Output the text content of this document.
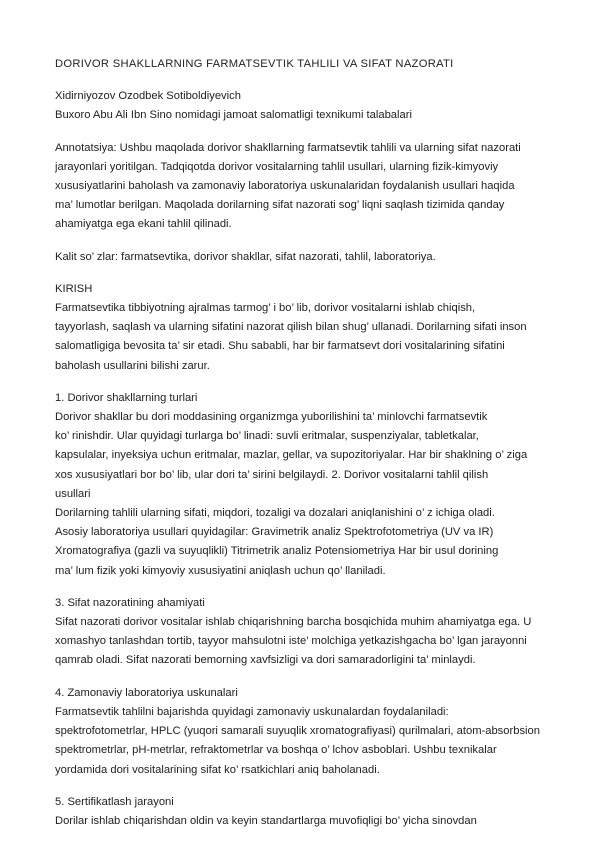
DORIVOR SHAKLLARNING FARMATSEVTIK TAHLILI VA SIFAT NAZORATI
Xidirniyozov Ozodbek Sotiboldiyevich
Buxoro Abu Ali Ibn Sino nomidagi jamoat salomatligi texnikumi talabalari
Annotatsiya: Ushbu maqolada dorivor shakllarning farmatsevtik tahlili va ularning sifat nazorati
jarayonlari yoritilgan. Tadqiqotda dorivor vositalarning tahlil usullari, ularning fizik-kimyoviy
xususiyatlarini baholash va zamonaviy laboratoriya uskunalaridan foydalanish usullari haqida
ma’ lumotlar berilgan. Maqolada dorilarning sifat nazorati sog’ liqni saqlash tizimida qanday
ahamiyatga ega ekani tahlil qilinadi.
Kalit so’ zlar: farmatsevtika, dorivor shakllar, sifat nazorati, tahlil, laboratoriya.
KIRISH
Farmatsevtika tibbiyotning ajralmas tarmog’ i bo’ lib, dorivor vositalarni ishlab chiqish,
tayyorlash, saqlash va ularning sifatini nazorat qilish bilan shug’ ullanadi. Dorilarning sifati inson
salomatligiga bevosita ta’ sir etadi. Shu sababli, har bir farmatsevt dori vositalarining sifatini
baholash usullarini bilishi zarur.
1. Dorivor shakllarning turlari
Dorivor shakllar bu dori moddasining organizmga yuborilishini ta’ minlovchi farmatsevtik
ko’ rinishdir. Ular quyidagi turlarga bo’ linadi: suvli eritmalar, suspenziyalar, tabletkalar,
kapsulalar, inyeksiya uchun eritmalar, mazlar, gellar, va supozitoriyalar. Har bir shaklning o’ ziga
xos xususiyatlari bor bo’ lib, ular dori ta’ sirini belgilaydi. 2. Dorivor vositalarni tahlil qilish
usullari
Dorilarning tahlili ularning sifati, miqdori, tozaligi va dozalari aniqlanishini o’ z ichiga oladi.
Asosiy laboratoriya usullari quyidagilar: Gravimetrik analiz Spektrofotometriya (UV va IR)
Xromatografiya (gazli va suyuqlikli) Titrimetrik analiz Potensiometriya Har bir usul dorining
ma’ lum fizik yoki kimyoviy xususiyatini aniqlash uchun qo’ llaniladi.
3. Sifat nazoratining ahamiyati
Sifat nazorati dorivor vositalar ishlab chiqarishning barcha bosqichida muhim ahamiyatga ega. U
xomashyo tanlashdan tortib, tayyor mahsulotni iste’ molchiga yetkazishgacha bo’ lgan jarayonni
qamrab oladi. Sifat nazorati bemorning xavfsizligi va dori samaradorligini ta’ minlaydi.
4. Zamonaviy laboratoriya uskunalari
Farmatsevtik tahlilni bajarishda quyidagi zamonaviy uskunalardan foydalaniladi:
spektrofotometrlar, HPLC (yuqori samarali suyuqlik xromatografiyasi) qurilmalari, atom-absorbsion
spektrometrlar, pH-metrlar, refraktometrlar va boshqa o’ lchov asboblari. Ushbu texnikalar
yordamida dori vositalarining sifat ko’ rsatkichlari aniq baholanadi.
5. Sertifikatlash jarayoni
Dorilar ishlab chiqarishdan oldin va keyin standartlarga muvofiqligi bo’ yicha sinovdan
